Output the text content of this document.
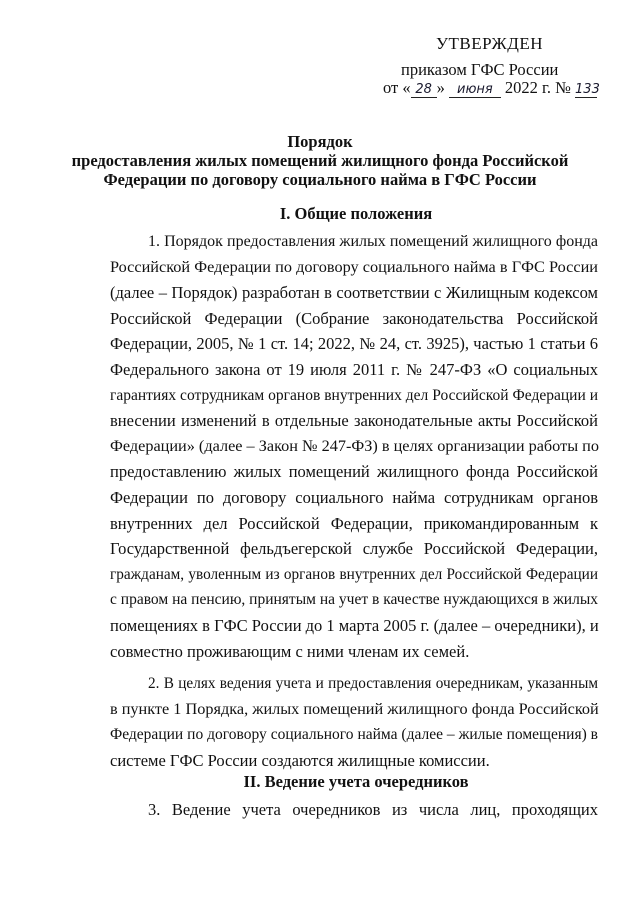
УТВЕРЖДЕН
приказом ГФС России
от « 28 » июня 2022 г. № 133
Порядок
предоставления жилых помещений жилищного фонда Российской
Федерации по договору социального найма в ГФС России
I. Общие положения
1. Порядок предоставления жилых помещений жилищного фонда
Российской Федерации по договору социального найма в ГФС России
(далее – Порядок) разработан в соответствии с Жилищным кодексом
Российской Федерации (Собрание законодательства Российской
Федерации, 2005, № 1 ст. 14; 2022, № 24, ст. 3925), частью 1 статьи 6
Федерального закона от 19 июля 2011 г. № 247-ФЗ «О социальных
гарантиях сотрудникам органов внутренних дел Российской Федерации и
внесении изменений в отдельные законодательные акты Российской
Федерации» (далее – Закон № 247-ФЗ) в целях организации работы по
предоставлению жилых помещений жилищного фонда Российской
Федерации по договору социального найма сотрудникам органов
внутренних дел Российской Федерации, прикомандированным к
Государственной фельдъегерской службе Российской Федерации,
гражданам, уволенным из органов внутренних дел Российской Федерации
с правом на пенсию, принятым на учет в качестве нуждающихся в жилых
помещениях в ГФС России до 1 марта 2005 г. (далее – очередники), и
совместно проживающим с ними членам их семей.
2. В целях ведения учета и предоставления очередникам, указанным
в пункте 1 Порядка, жилых помещений жилищного фонда Российской
Федерации по договору социального найма (далее – жилые помещения) в
системе ГФС России создаются жилищные комиссии.
II. Ведение учета очередников
3. Ведение учета очередников из числа лиц, проходящих
